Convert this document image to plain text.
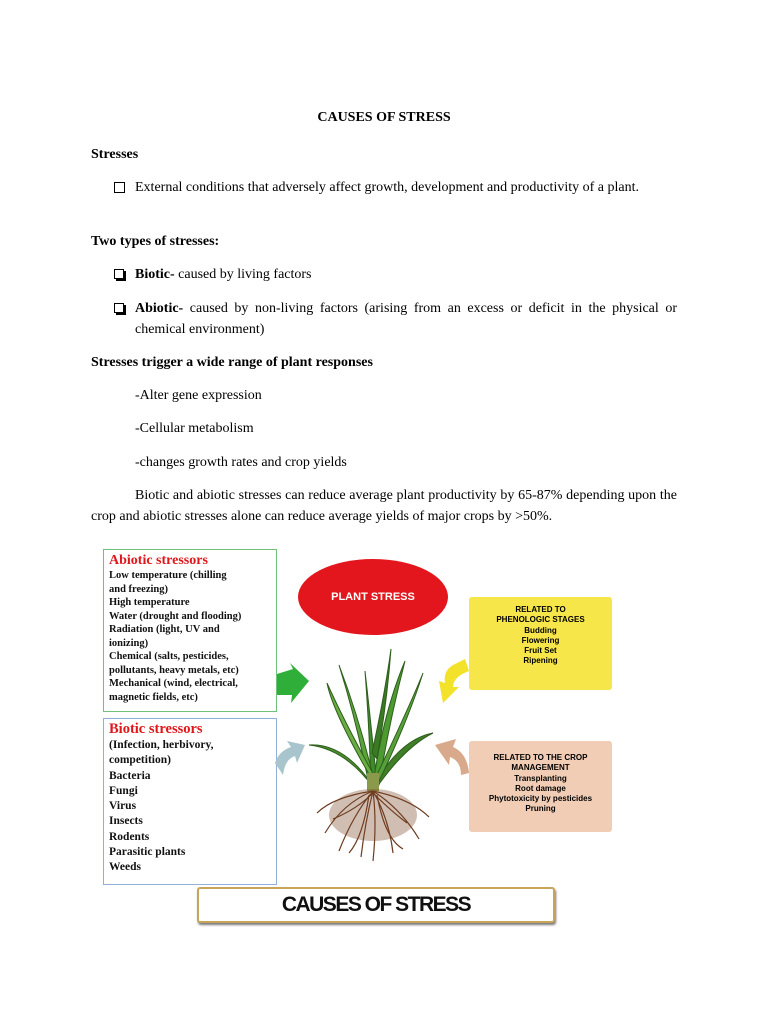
CAUSES OF STRESS
Stresses
External conditions that adversely affect growth, development and productivity of a plant.
Two types of stresses:
Biotic- caused by living factors
Abiotic- caused by non-living factors (arising from an excess or deficit in the physical or chemical environment)
Stresses trigger a wide range of plant responses
-Alter gene expression
-Cellular metabolism
-changes growth rates and crop yields
Biotic and abiotic stresses can reduce average plant productivity by 65-87% depending upon the crop and abiotic stresses alone can reduce average yields of major crops by >50%.
Abiotic stressors
Low temperature (chilling
and freezing)
High temperature
Water (drought and flooding)
Radiation (light, UV and
ionizing)
Chemical (salts, pesticides,
pollutants, heavy metals, etc)
Mechanical (wind, electrical,
magnetic fields, etc)
Biotic stressors
(Infection, herbivory,
competition)
Bacteria
Fungi
Virus
Insects
Rodents
Parasitic plants
Weeds
PLANT STRESS
RELATED TO
PHENOLOGIC STAGES
Budding
Flowering
Fruit Set
Ripening
RELATED TO THE CROP
MANAGEMENT
Transplanting
Root damage
Phytotoxicity by pesticides
Pruning
CAUSES OF STRESS
